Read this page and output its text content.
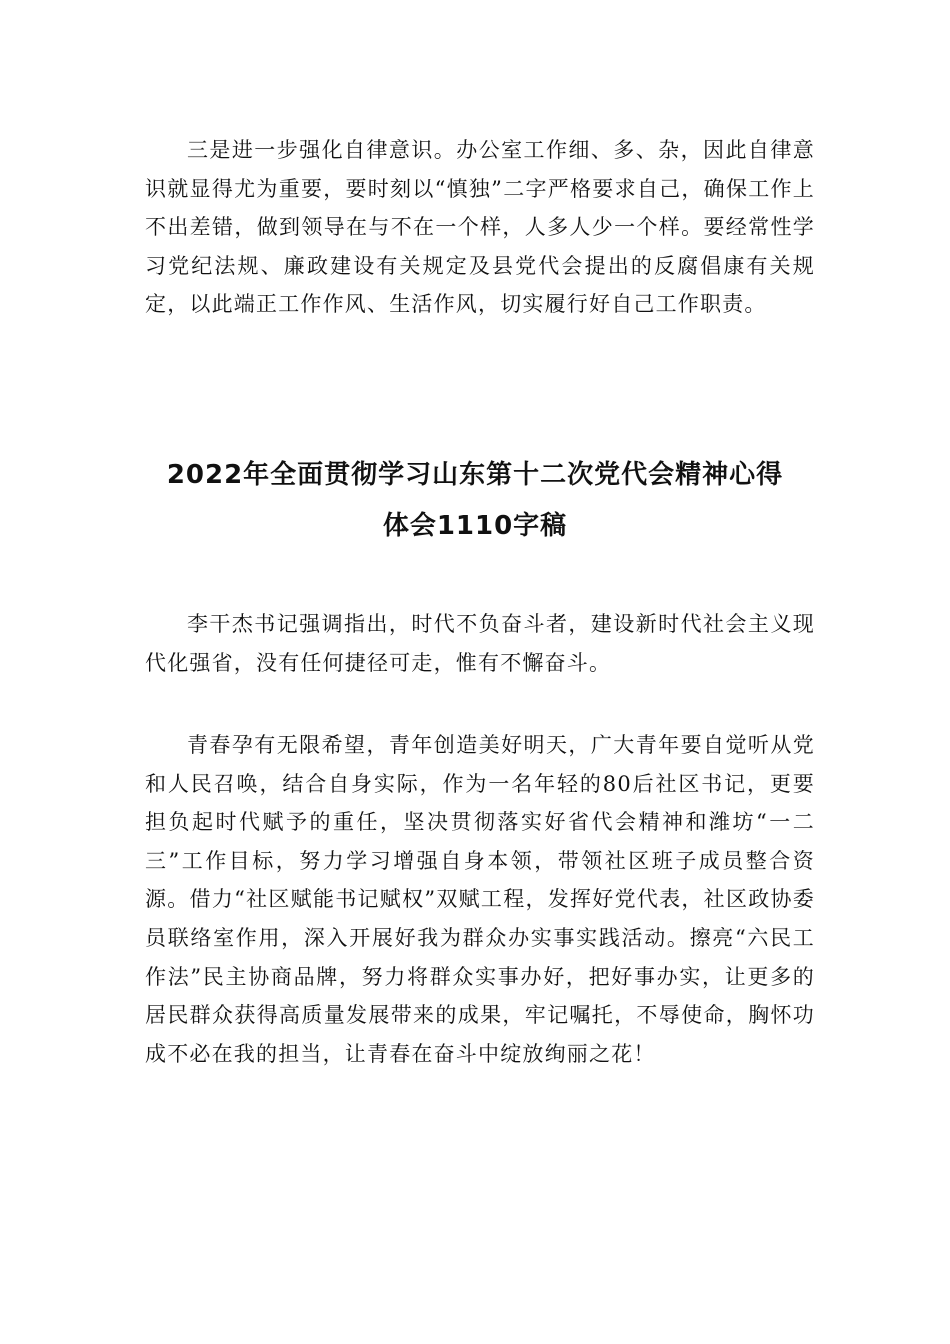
三是进一步强化自律意识。办公室工作细、多、杂，因此自律意识就显得尤为重要，要时刻以“慎独”二字严格要求自己，确保工作上不出差错，做到领导在与不在一个样，人多人少一个样。要经常性学习党纪法规、廉政建设有关规定及县党代会提出的反腐倡康有关规定，以此端正工作作风、生活作风，切实履行好自己工作职责。

2022年全面贯彻学习山东第十二次党代会精神心得
体会1110字稿

李干杰书记强调指出，时代不负奋斗者，建设新时代社会主义现代化强省，没有任何捷径可走，惟有不懈奋斗。

青春孕有无限希望，青年创造美好明天，广大青年要自觉听从党和人民召唤，结合自身实际，作为一名年轻的80后社区书记，更要担负起时代赋予的重任，坚决贯彻落实好省代会精神和潍坊“一二三”工作目标，努力学习增强自身本领，带领社区班子成员整合资源。借力“社区赋能书记赋权”双赋工程，发挥好党代表，社区政协委员联络室作用，深入开展好我为群众办实事实践活动。擦亮“六民工作法”民主协商品牌，努力将群众实事办好，把好事办实，让更多的居民群众获得高质量发展带来的成果，牢记嘱托，不辱使命，胸怀功成不必在我的担当，让青春在奋斗中绽放绚丽之花！
